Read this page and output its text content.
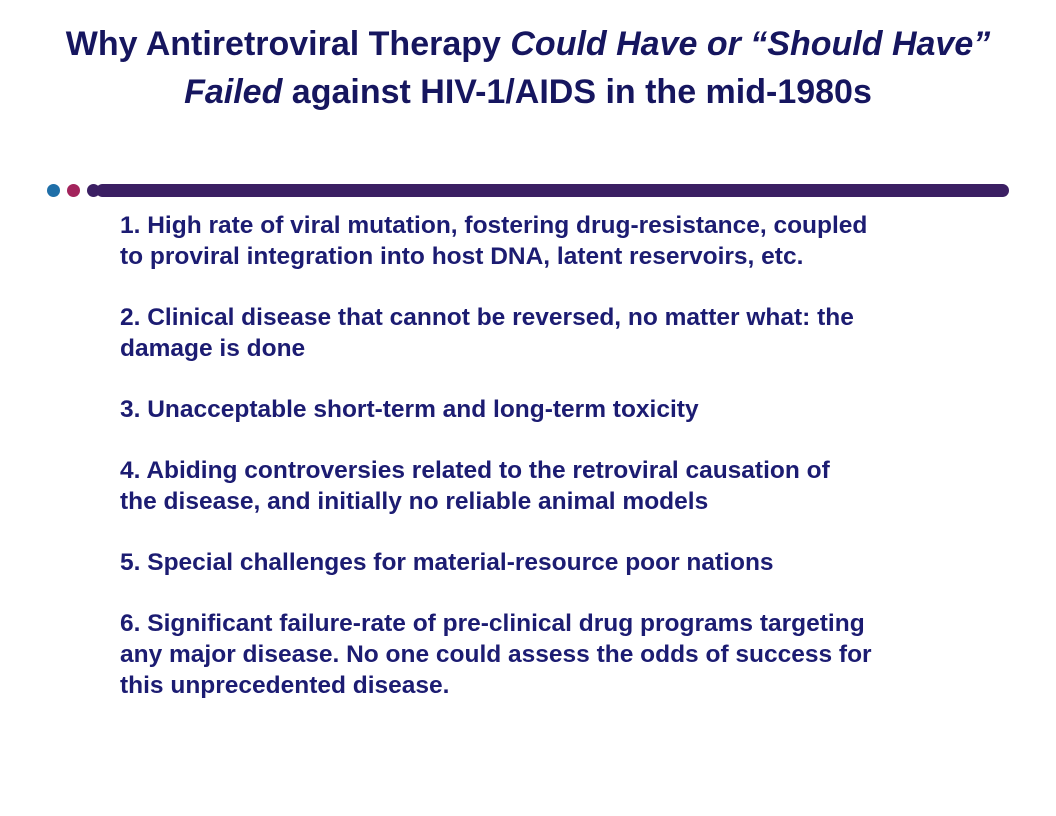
Why Antiretroviral Therapy Could Have or “Should Have”
Failed against HIV-1/AIDS in the mid-1980s
1. High rate of viral mutation, fostering drug-resistance, coupled
to proviral integration into host DNA, latent reservoirs, etc.
2. Clinical disease that cannot be reversed, no matter what: the
damage is done
3. Unacceptable short-term and long-term toxicity
4. Abiding controversies related to the retroviral causation of
the disease, and initially no reliable animal models
5. Special challenges for material-resource poor nations
6. Significant failure-rate of pre-clinical drug programs targeting
any major disease. No one could assess the odds of success for
this unprecedented disease.
